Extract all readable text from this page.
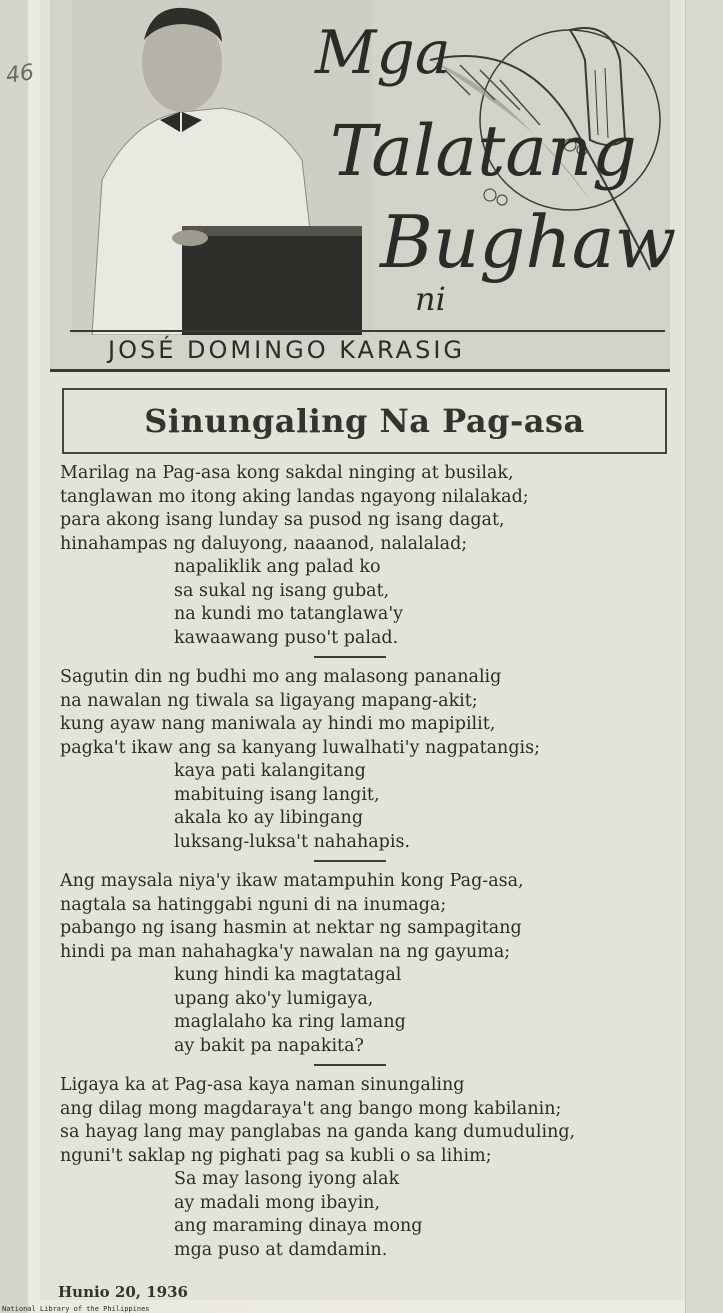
46	Mga
Talatang
Bughaw
ni
JOSÉ DOMINGO KARASIG
Sinungaling Na Pag-asa
Marilag na Pag-asa kong sakdal ninging at busilak,
tanglawan mo itong aking landas ngayong nilalakad;
para akong isang lunday sa pusod ng isang dagat,
hinahampas ng daluyong, naaanod, nalalalad;
napaliklik ang palad ko
sa sukal ng isang gubat,
na kundi mo tatanglawa'y
kawaawang puso't palad.
Sagutin din ng budhi mo ang malasong pananalig
na nawalan ng tiwala sa ligayang mapang-akit;
kung ayaw nang maniwala ay hindi mo mapipilit,
pagka't ikaw ang sa kanyang luwalhati'y nagpatangis;
kaya pati kalangitang
mabituing isang langit,
akala ko ay libingang
luksang-luksa't nahahapis.
Ang maysala niya'y ikaw matampuhin kong Pag-asa,
nagtala sa hatinggabi nguni di na inumaga;
pabango ng isang hasmin at nektar ng sampagitang
hindi pa man nahahagka'y nawalan na ng gayuma;
kung hindi ka magtatagal
upang ako'y lumigaya,
maglalaho ka ring lamang
ay bakit pa napakita?
Ligaya ka at Pag-asa kaya naman sinungaling
ang dilag mong magdaraya't ang bango mong kabilanin;
sa hayag lang may panglabas na ganda kang dumuduling,
nguni't saklap ng pighati pag sa kubli o sa lihim;
Sa may lasong iyong alak
ay madali mong ibayin,
ang maraming dinaya mong
mga puso at damdamin.
Hunio 20, 1936
National Library of the Philippines
